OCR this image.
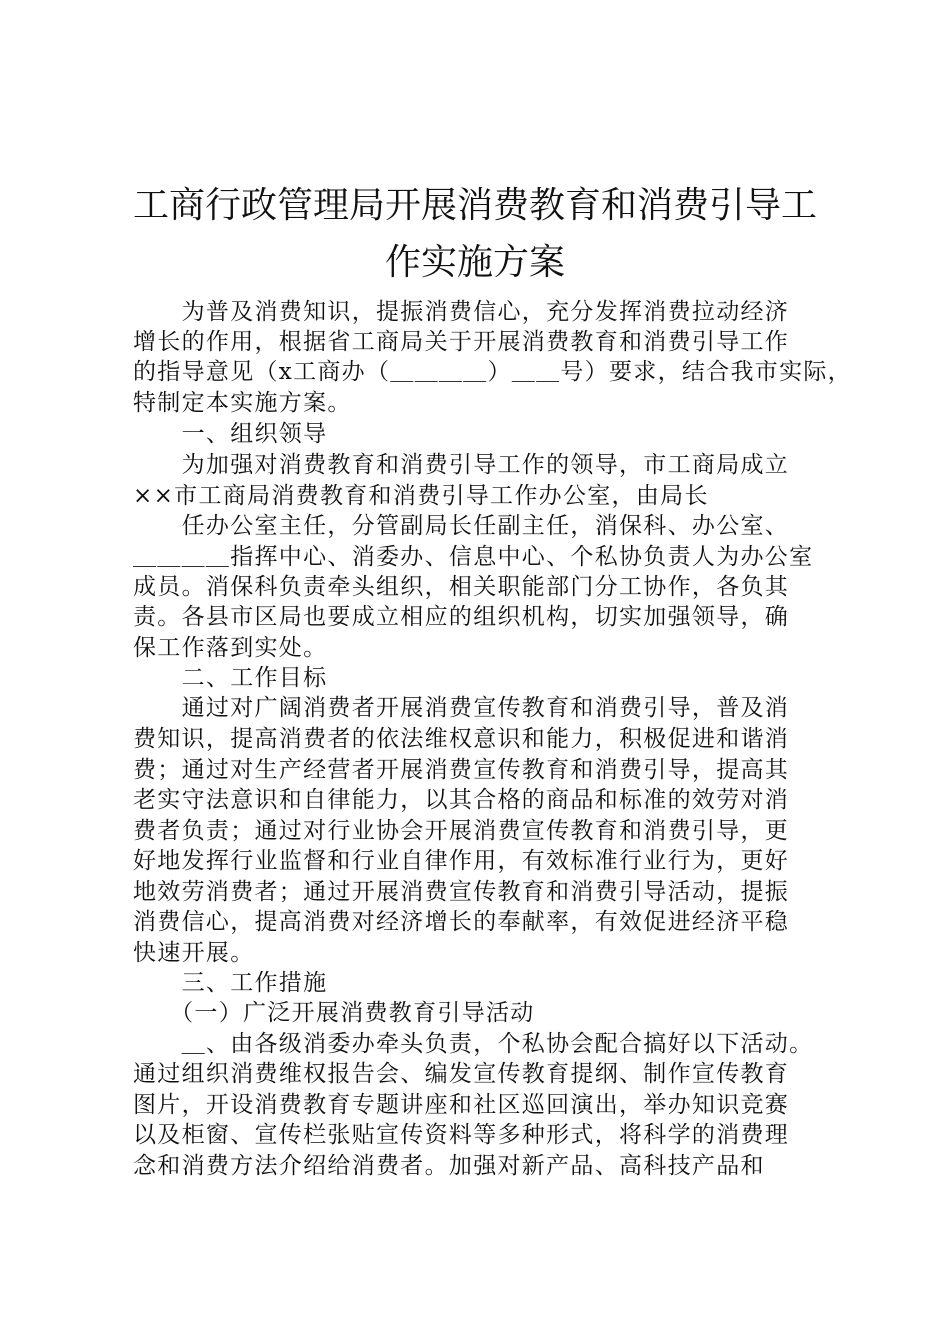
工商行政管理局开展消费教育和消费引导工
作实施方案

　　为普及消费知识，提振消费信心，充分发挥消费拉动经济

增长的作用，根据省工商局关于开展消费教育和消费引导工作

的指导意见（x工商办（＿＿＿＿）＿＿号）要求，结合我市实际，

特制定本实施方案。

　　一、组织领导

　　为加强对消费教育和消费引导工作的领导，市工商局成立

××市工商局消费教育和消费引导工作办公室，由局长

　　任办公室主任，分管副局长任副主任，消保科、办公室、

＿＿＿＿指挥中心、消委办、信息中心、个私协负责人为办公室

成员。消保科负责牵头组织，相关职能部门分工协作，各负其

责。各县市区局也要成立相应的组织机构，切实加强领导，确

保工作落到实处。

　　二、工作目标

　　通过对广阔消费者开展消费宣传教育和消费引导，普及消

费知识，提高消费者的依法维权意识和能力，积极促进和谐消

费；通过对生产经营者开展消费宣传教育和消费引导，提高其

老实守法意识和自律能力，以其合格的商品和标准的效劳对消

费者负责；通过对行业协会开展消费宣传教育和消费引导，更

好地发挥行业监督和行业自律作用，有效标准行业行为，更好

地效劳消费者；通过开展消费宣传教育和消费引导活动，提振

消费信心，提高消费对经济增长的奉献率，有效促进经济平稳

快速开展。

　　三、工作措施

　　（一）广泛开展消费教育引导活动

　　＿、由各级消委办牵头负责，个私协会配合搞好以下活动。

通过组织消费维权报告会、编发宣传教育提纲、制作宣传教育

图片，开设消费教育专题讲座和社区巡回演出，举办知识竞赛

以及柜窗、宣传栏张贴宣传资料等多种形式，将科学的消费理

念和消费方法介绍给消费者。加强对新产品、高科技产品和
